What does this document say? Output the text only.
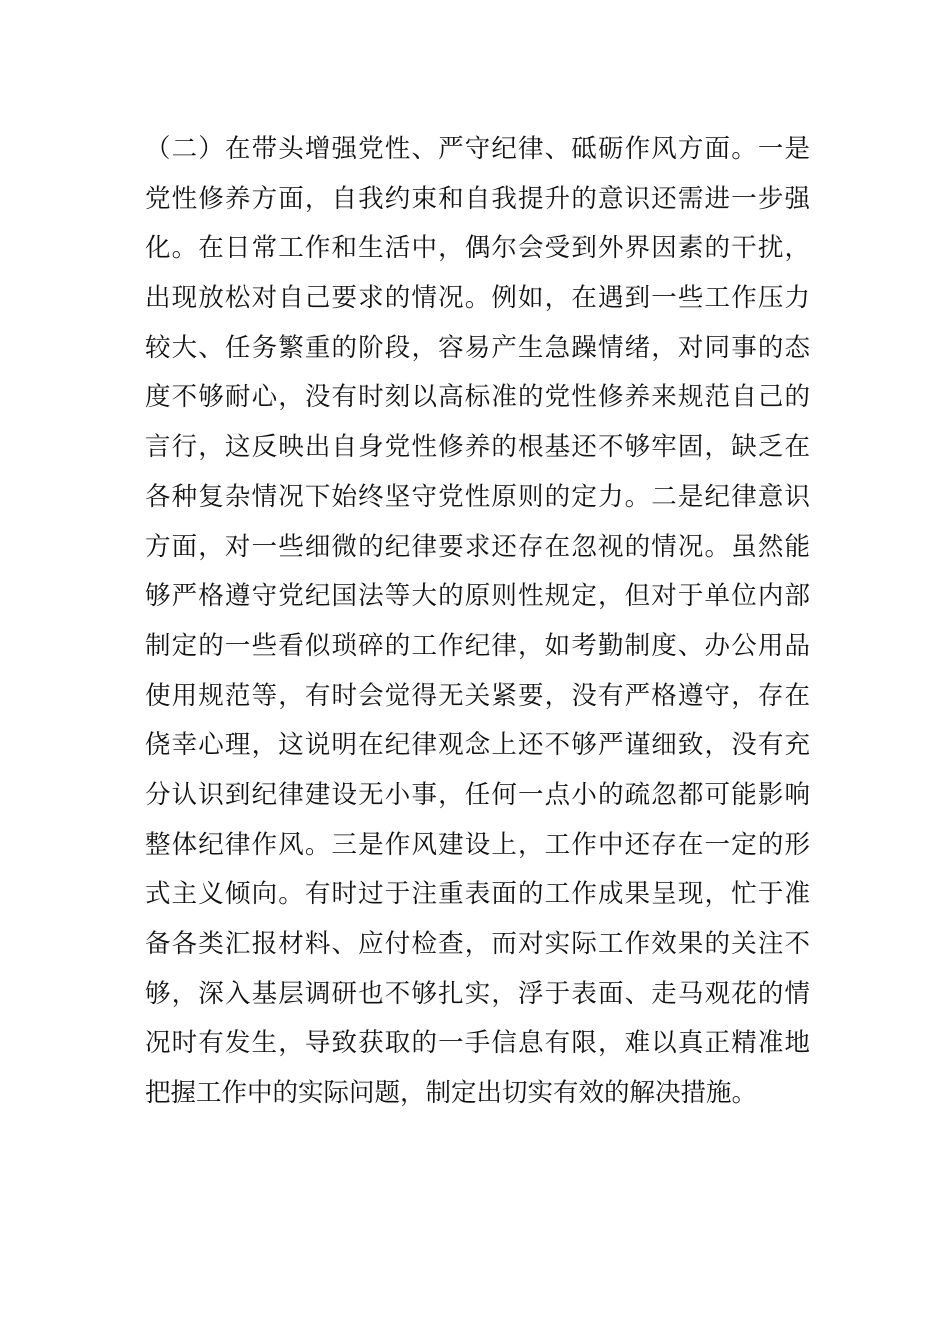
（二）在带头增强党性、严守纪律、砥砺作风方面。一是
党性修养方面，自我约束和自我提升的意识还需进一步强
化。在日常工作和生活中，偶尔会受到外界因素的干扰，
出现放松对自己要求的情况。例如，在遇到一些工作压力
较大、任务繁重的阶段，容易产生急躁情绪，对同事的态
度不够耐心，没有时刻以高标准的党性修养来规范自己的
言行，这反映出自身党性修养的根基还不够牢固，缺乏在
各种复杂情况下始终坚守党性原则的定力。二是纪律意识
方面，对一些细微的纪律要求还存在忽视的情况。虽然能
够严格遵守党纪国法等大的原则性规定，但对于单位内部
制定的一些看似琐碎的工作纪律，如考勤制度、办公用品
使用规范等，有时会觉得无关紧要，没有严格遵守，存在
侥幸心理，这说明在纪律观念上还不够严谨细致，没有充
分认识到纪律建设无小事，任何一点小的疏忽都可能影响
整体纪律作风。三是作风建设上，工作中还存在一定的形
式主义倾向。有时过于注重表面的工作成果呈现，忙于准
备各类汇报材料、应付检查，而对实际工作效果的关注不
够，深入基层调研也不够扎实，浮于表面、走马观花的情
况时有发生，导致获取的一手信息有限，难以真正精准地
把握工作中的实际问题，制定出切实有效的解决措施。
